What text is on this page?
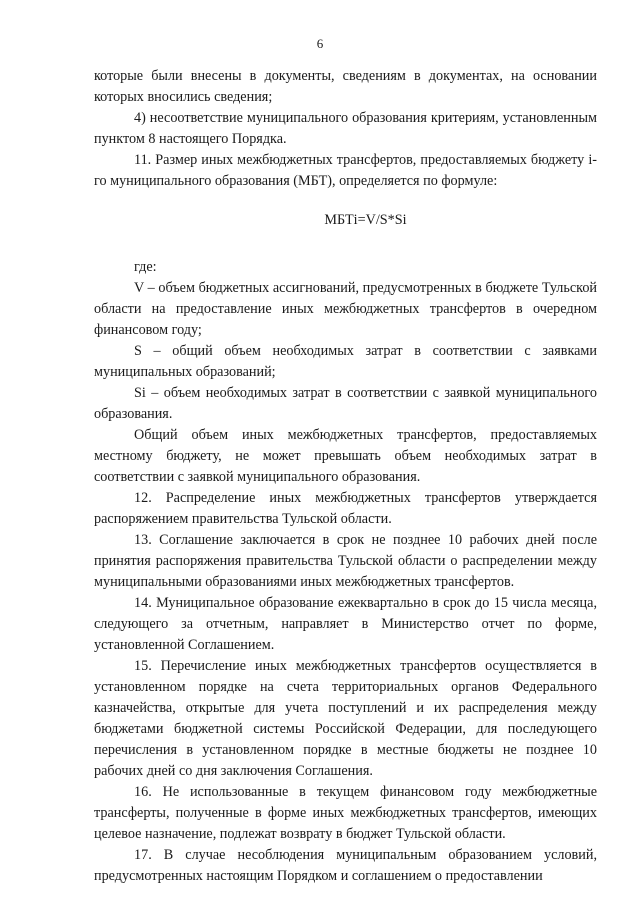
6

которые были внесены в документы, сведениям в документах, на основании которых вносились сведения;

4) несоответствие муниципального образования критериям, установленным пунктом 8 настоящего Порядка.

11. Размер иных межбюджетных трансфертов, предоставляемых бюджету i-го муниципального образования (МБТ), определяется по формуле:

МБТi=V/S*Si

где:

V – объем бюджетных ассигнований, предусмотренных в бюджете Тульской области на предоставление иных межбюджетных трансфертов в очередном финансовом году;

S – общий объем необходимых затрат в соответствии с заявками муниципальных образований;

Si – объем необходимых затрат в соответствии с заявкой муниципального образования.

Общий объем иных межбюджетных трансфертов, предоставляемых местному бюджету, не может превышать объем необходимых затрат в соответствии с заявкой муниципального образования.

12. Распределение иных межбюджетных трансфертов утверждается распоряжением правительства Тульской области.

13. Соглашение заключается в срок не позднее 10 рабочих дней после принятия распоряжения правительства Тульской области о распределении между муниципальными образованиями иных межбюджетных трансфертов.

14. Муниципальное образование ежеквартально в срок до 15 числа месяца, следующего за отчетным, направляет в Министерство отчет по форме, установленной Соглашением.

15. Перечисление иных межбюджетных трансфертов осуществляется в установленном порядке на счета территориальных органов Федерального казначейства, открытые для учета поступлений и их распределения между бюджетами бюджетной системы Российской Федерации, для последующего перечисления в установленном порядке в местные бюджеты не позднее 10 рабочих дней со дня заключения Соглашения.

16. Не использованные в текущем финансовом году межбюджетные трансферты, полученные в форме иных межбюджетных трансфертов, имеющих целевое назначение, подлежат возврату в бюджет Тульской области.

17. В случае несоблюдения муниципальным образованием условий, предусмотренных настоящим Порядком и соглашением о предоставлении
